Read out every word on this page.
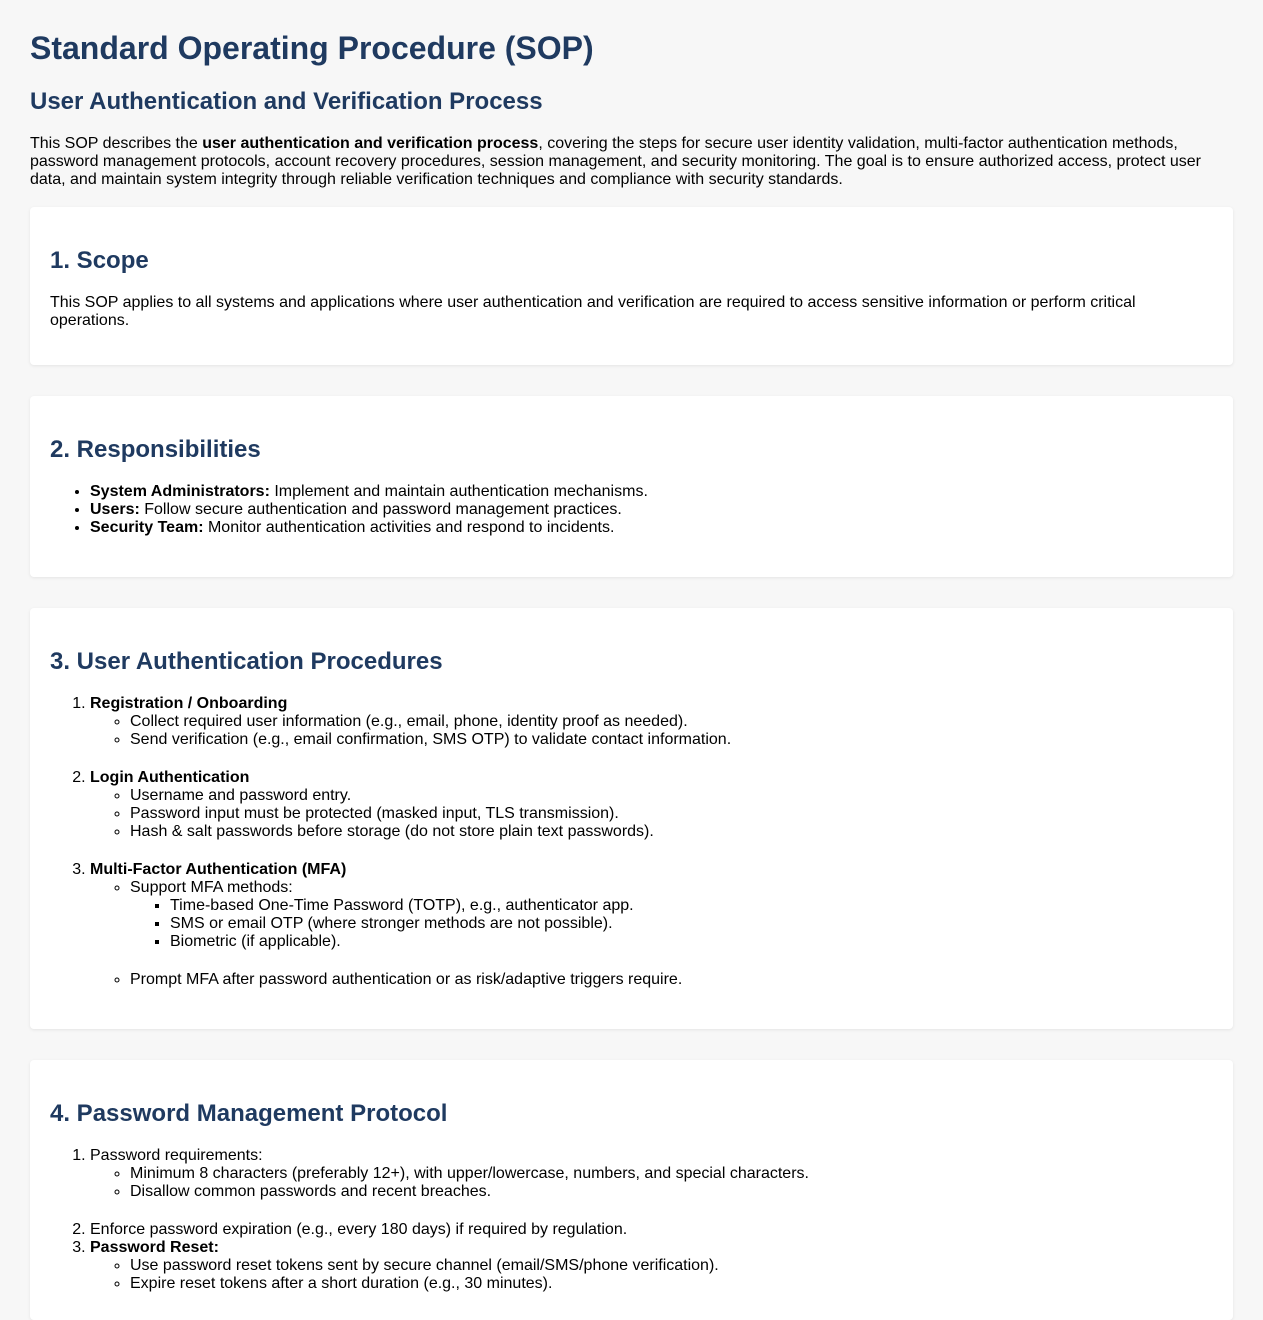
Standard Operating Procedure (SOP)
User Authentication and Verification Process

This SOP describes the user authentication and verification process, covering the steps for secure user identity validation, multi-factor authentication methods, password management protocols, account recovery procedures, session management, and security monitoring. The goal is to ensure authorized access, protect user data, and maintain system integrity through reliable verification techniques and compliance with security standards.

1. Scope

This SOP applies to all systems and applications where user authentication and verification are required to access sensitive information or perform critical operations.

2. Responsibilities
• System Administrators: Implement and maintain authentication mechanisms.
• Users: Follow secure authentication and password management practices.
• Security Team: Monitor authentication activities and respond to incidents.
3. User Authentication Procedures
1. Registration / Onboarding
◦ Collect required user information (e.g., email, phone, identity proof as needed).
◦ Send verification (e.g., email confirmation, SMS OTP) to validate contact information.
2. Login Authentication
◦ Username and password entry.
◦ Password input must be protected (masked input, TLS transmission).
◦ Hash & salt passwords before storage (do not store plain text passwords).
3. Multi-Factor Authentication (MFA)
◦ Support MFA methods:
▪ Time-based One-Time Password (TOTP), e.g., authenticator app.
▪ SMS or email OTP (where stronger methods are not possible).
▪ Biometric (if applicable).
◦ Prompt MFA after password authentication or as risk/adaptive triggers require.
4. Password Management Protocol
1. Password requirements:
◦ Minimum 8 characters (preferably 12+), with upper/lowercase, numbers, and special characters.
◦ Disallow common passwords and recent breaches.
2. Enforce password expiration (e.g., every 180 days) if required by regulation.
3. Password Reset:
◦ Use password reset tokens sent by secure channel (email/SMS/phone verification).
◦ Expire reset tokens after a short duration (e.g., 30 minutes).
